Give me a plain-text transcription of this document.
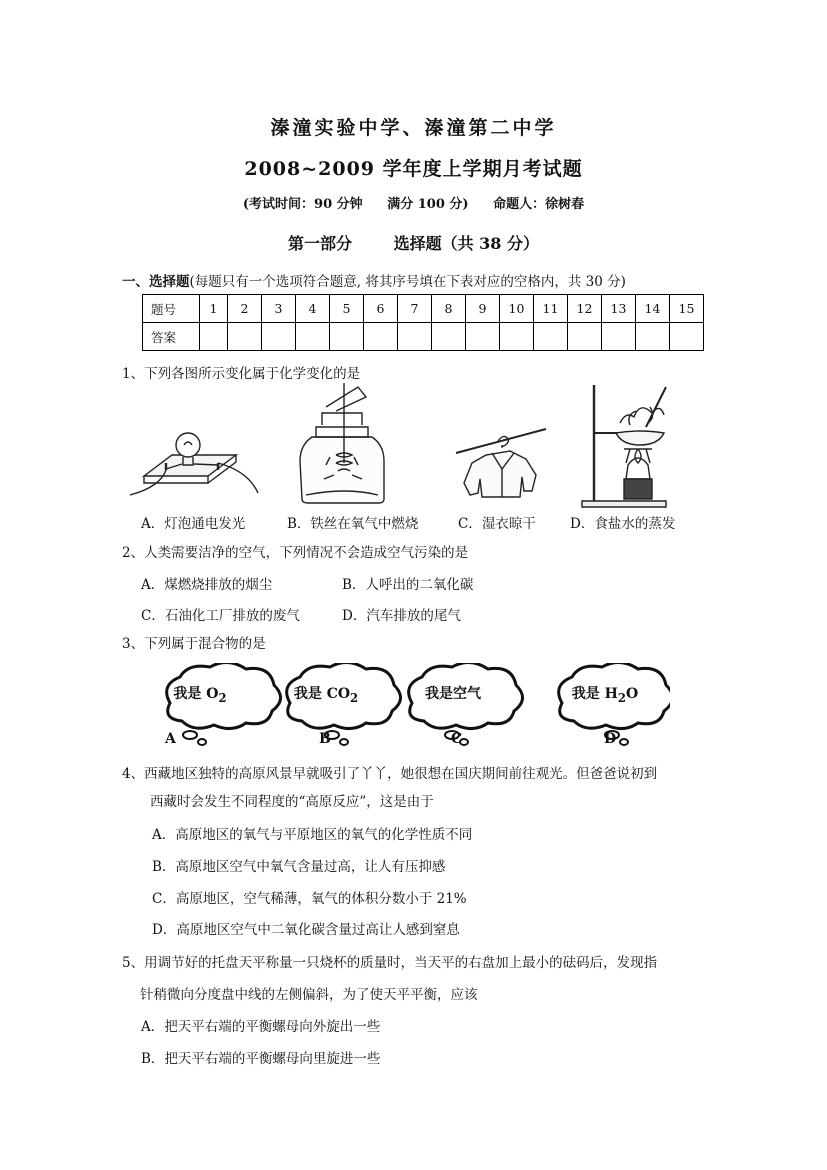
溱潼实验中学、溱潼第二中学
2008~2009 学年度上学期月考试题
(考试时间：90 分钟 满分 100 分) 命题人：徐树春
第一部分	选择题（共 38 分）
一、选择题(每题只有一个选项符合题意, 将其序号填在下表对应的空格内，共 30 分)
题号	1	2	3	4	5	6	7	8	9	10	11	12	13	14	15
答案															
1、下列各图所示变化属于化学变化的是
A．灯泡通电发光	B．铁丝在氧气中燃烧	C．湿衣晾干	D．食盐水的蒸发
2、人类需要洁净的空气，下列情况不会造成空气污染的是
A．煤燃烧排放的烟尘	B．人呼出的二氧化碳
C．石油化工厂排放的废气	D．汽车排放的尾气
3、下列属于混合物的是
我是 $O_2$	我是 $CO_2$	我是空气	我是 $H_2O$
A	B	C	D
4、西藏地区独特的高原风景早就吸引了丫丫，她很想在国庆期间前往观光。但爸爸说初到
西藏时会发生不同程度的“高原反应”，这是由于
A．高原地区的氧气与平原地区的氧气的化学性质不同
B．高原地区空气中氧气含量过高，让人有压抑感
C．高原地区，空气稀薄，氧气的体积分数小于 21%
D．高原地区空气中二氧化碳含量过高让人感到窒息
5、用调节好的托盘天平称量一只烧杯的质量时，当天平的右盘加上最小的砝码后，发现指
针稍微向分度盘中线的左侧偏斜，为了使天平平衡，应该
A．把天平右端的平衡螺母向外旋出一些
B．把天平右端的平衡螺母向里旋进一些
